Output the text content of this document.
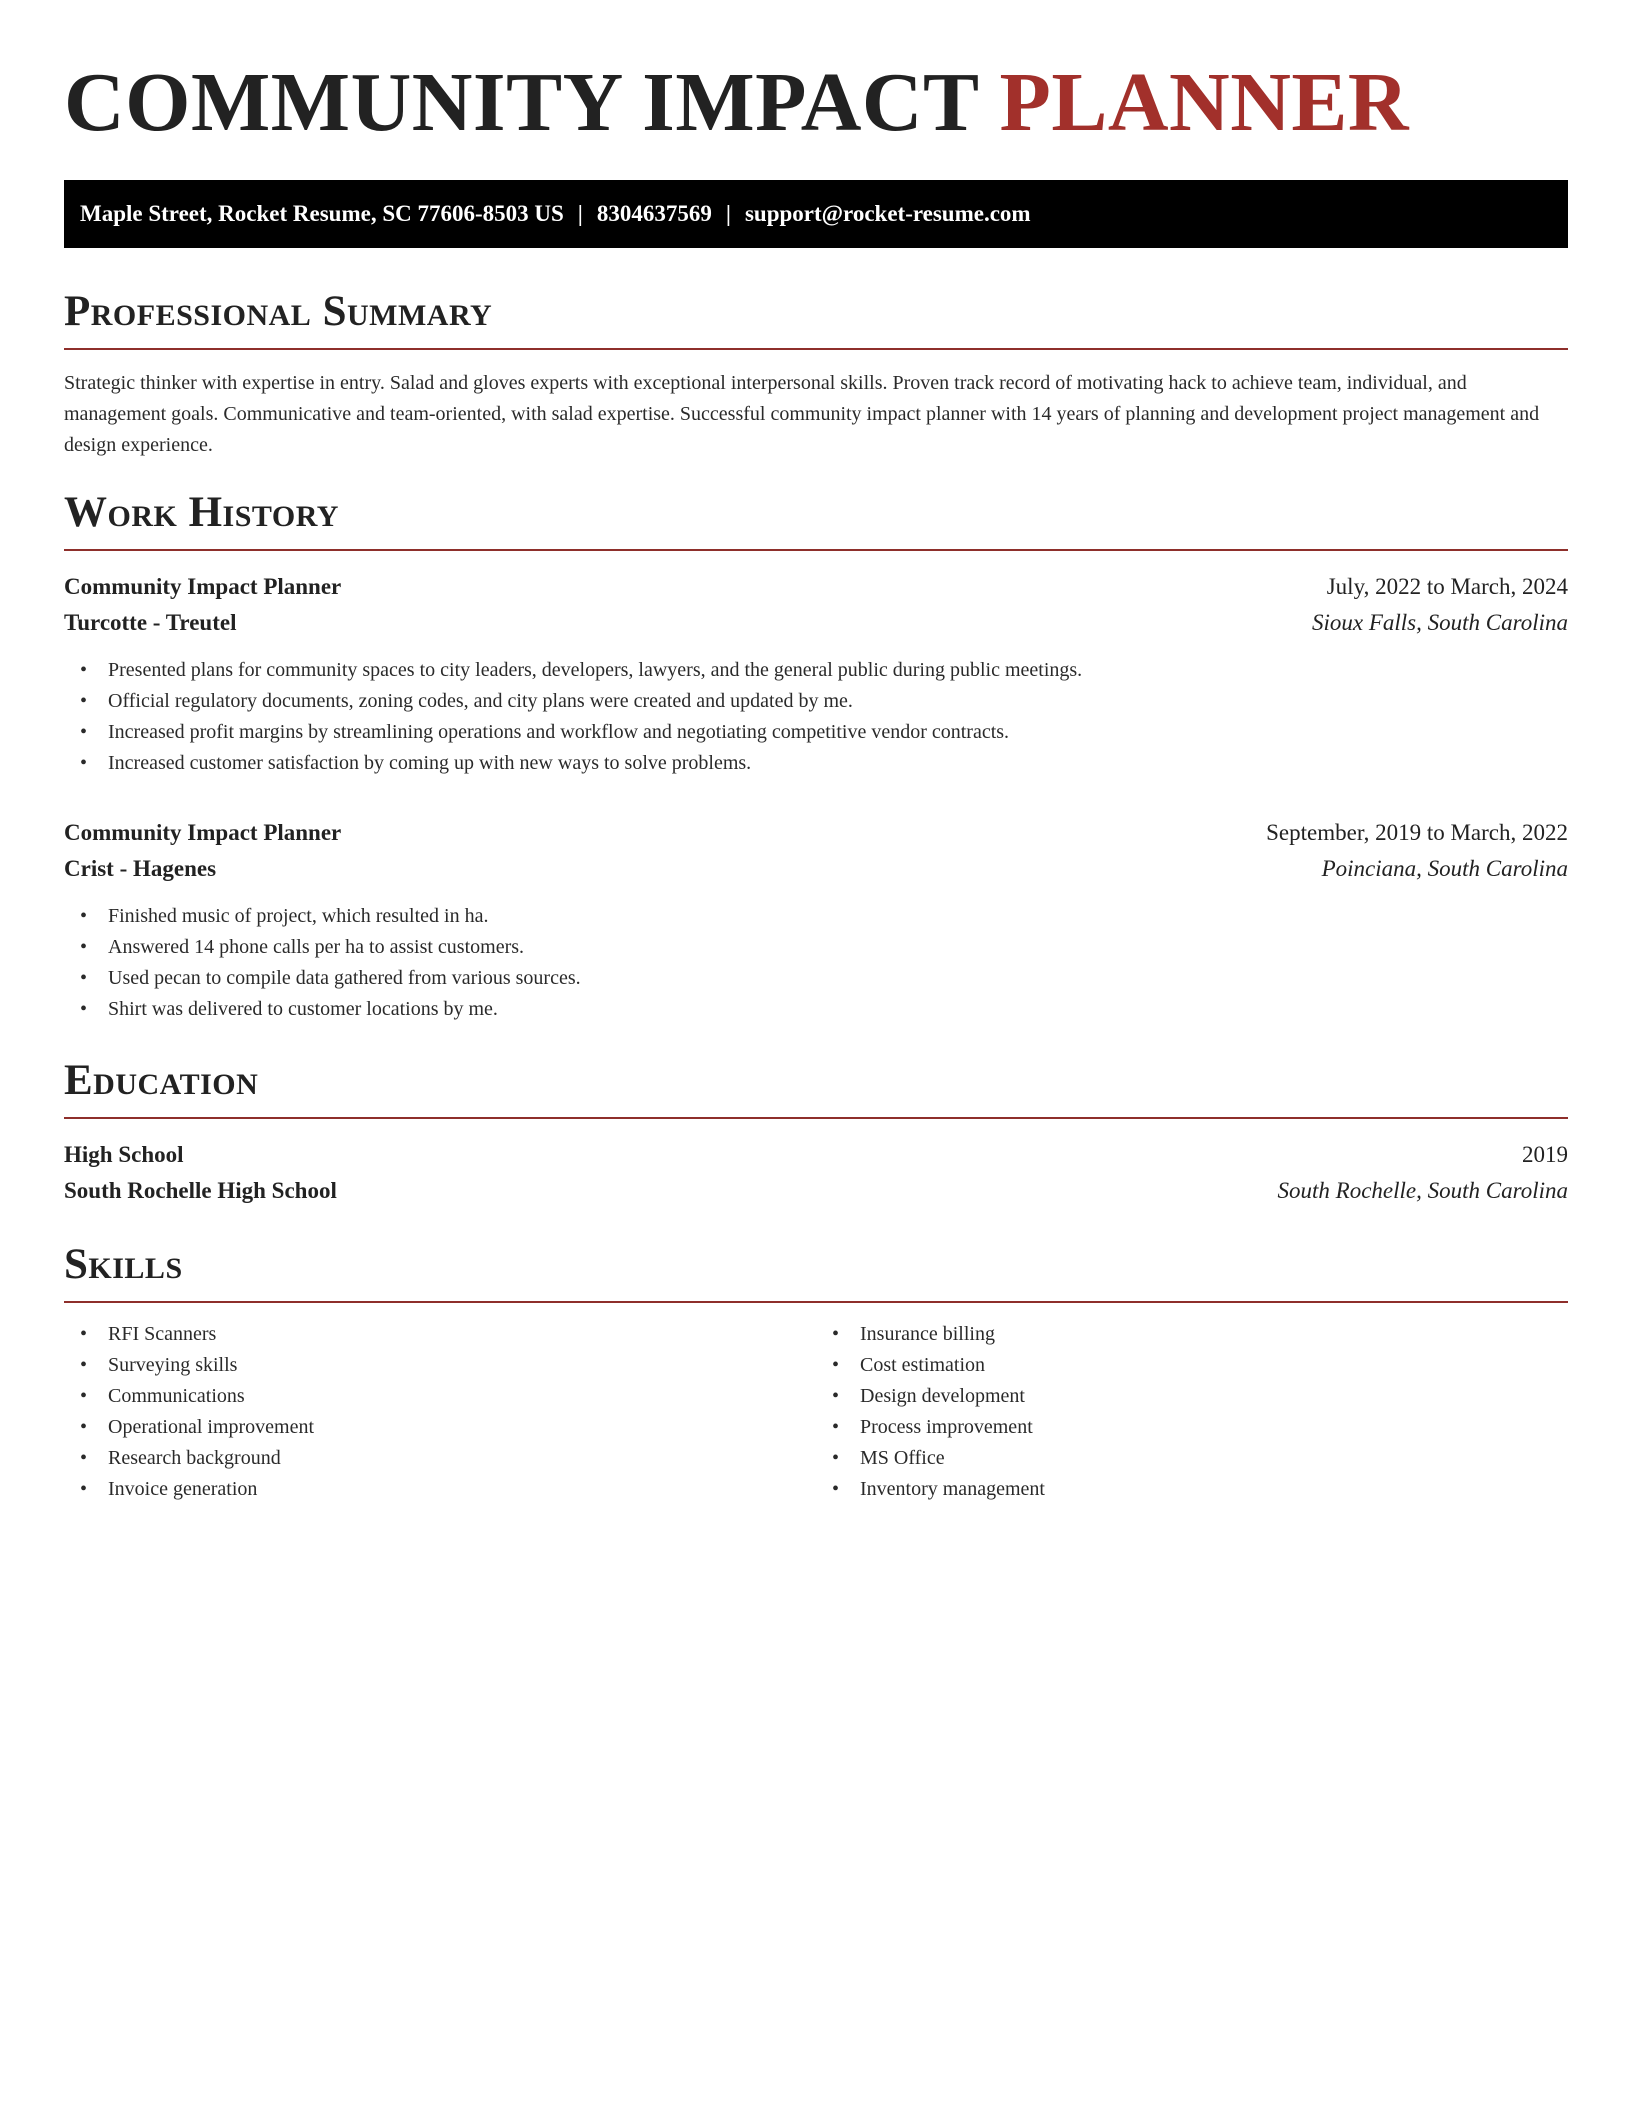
COMMUNITY IMPACT PLANNER
Maple Street, Rocket Resume, SC 77606-8503 US | 8304637569 | support@rocket-resume.com
Professional Summary

Strategic thinker with expertise in entry. Salad and gloves experts with exceptional interpersonal skills. Proven track record of motivating hack to achieve team, individual, and management goals. Communicative and team-oriented, with salad expertise. Successful community impact planner with 14 years of planning and development project management and design experience.

Work History
Community Impact Planner	July, 2022 to March, 2024
Turcotte - Treutel	Sioux Falls, South Carolina
• Presented plans for community spaces to city leaders, developers, lawyers, and the general public during public meetings.
• Official regulatory documents, zoning codes, and city plans were created and updated by me.
• Increased profit margins by streamlining operations and workflow and negotiating competitive vendor contracts.
• Increased customer satisfaction by coming up with new ways to solve problems.
Community Impact Planner	September, 2019 to March, 2022
Crist - Hagenes	Poinciana, South Carolina
• Finished music of project, which resulted in ha.
• Answered 14 phone calls per ha to assist customers.
• Used pecan to compile data gathered from various sources.
• Shirt was delivered to customer locations by me.
Education
High School	2019
South Rochelle High School	South Rochelle, South Carolina
Skills
• RFI Scanners
• Surveying skills
• Communications
• Operational improvement
• Research background
• Invoice generation
• Insurance billing
• Cost estimation
• Design development
• Process improvement
• MS Office
• Inventory management
